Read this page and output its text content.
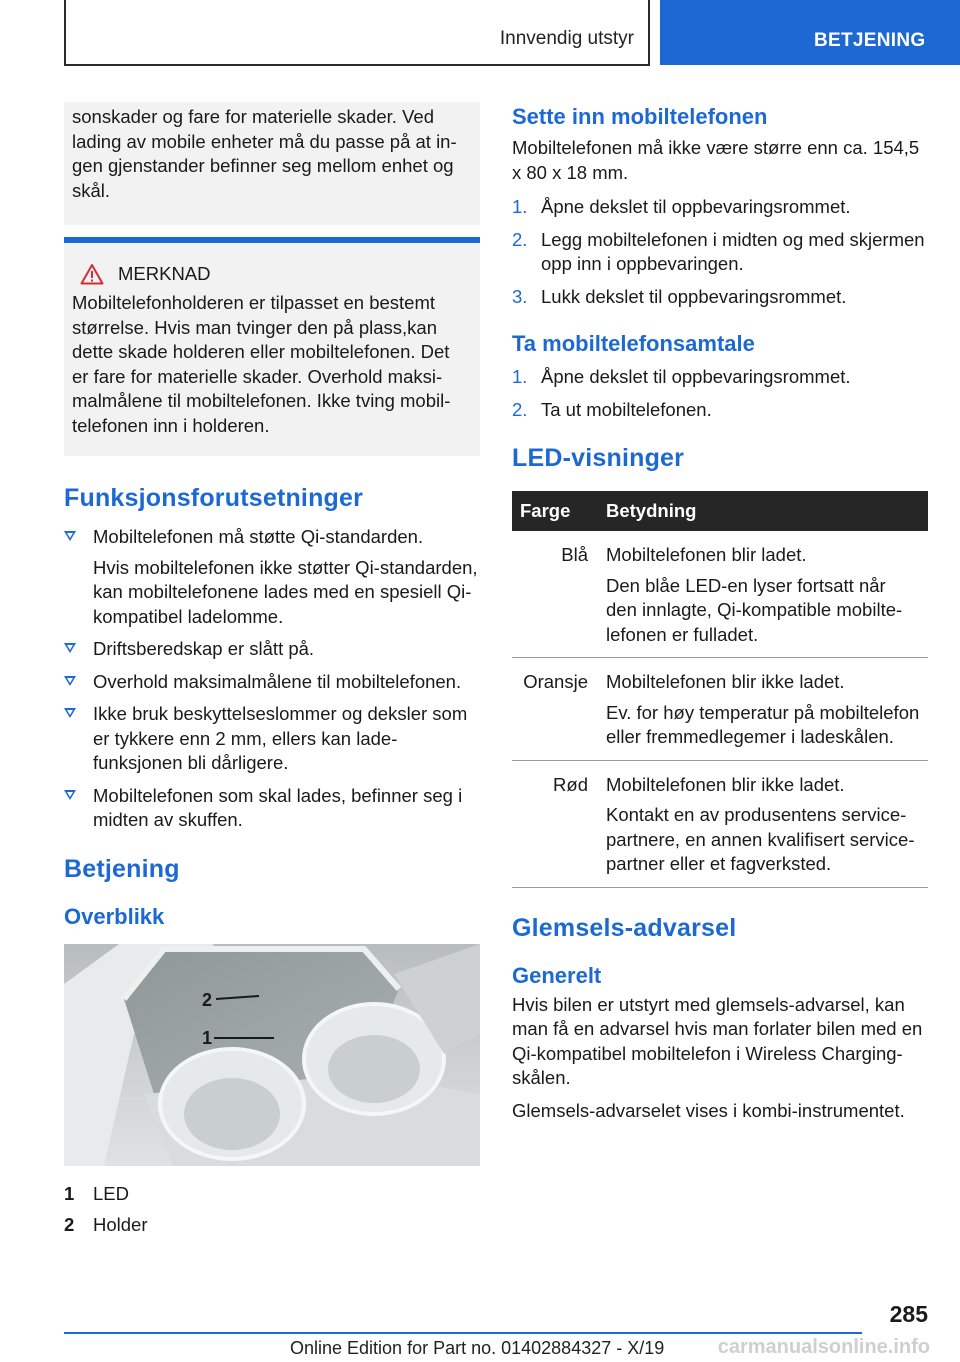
Innvendig utstyr	BETJENING

sonskader og fare for materielle skader. Ved lading av mobile enheter må du passe på at ingen gjenstander befinner seg mellom enhet og skål.

MERKNAD

Mobiltelefonholderen er tilpasset en bestemt størrelse. Hvis man tvinger den på plass,kan dette skade holderen eller mobiltelefonen. Det er fare for materielle skader. Overhold maksimalmålene til mobiltelefonen. Ikke tving mobiltelefonen inn i holderen.

Funksjonsforutsetninger

Mobiltelefonen må støtte Qi-standarden.

Hvis mobiltelefonen ikke støtter Qi-standarden, kan mobiltelefonene lades med en spesiell Qi-kompatibel ladelomme.

Driftsberedskap er slått på.

Overhold maksimalmålene til mobiltelefonen.

Ikke bruk beskyttelseslommer og deksler som er tykkere enn 2 mm, ellers kan ladefunksjonen bli dårligere.

Mobiltelefonen som skal lades, befinner seg i midten av skuffen.

Betjening
Overblikk
2
1
1	LED
2	Holder
Sette inn mobiltelefonen

Mobiltelefonen må ikke være større enn ca. 154,5 x 80 x 18 mm.

1. Åpne dekslet til oppbevaringsrommet.
2. Legg mobiltelefonen i midten og med skjermen opp inn i oppbevaringen.
3. Lukk dekslet til oppbevaringsrommet.
Ta mobiltelefonsamtale
1. Åpne dekslet til oppbevaringsrommet.
2. Ta ut mobiltelefonen.
LED-visninger
Farge	Betydning
Blå	Mobiltelefonen blir ladet.
Den blåe LED-en lyser fortsatt når den innlagte, Qi-kompatible mobiltelefonen er fulladet.

Oransje	Mobiltelefonen blir ikke ladet.
Ev. for høy temperatur på mobiltelefon eller fremmedlegemer i ladeskålen.

Rød	Mobiltelefonen blir ikke ladet.
Kontakt en av produsentens servicepartnere, en annen kvalifisert servicepartner eller et fagverksted.
Glemsels-advarsel
Generelt

Hvis bilen er utstyrt med glemsels-advarsel, kan man få en advarsel hvis man forlater bilen med en Qi-kompatibel mobiltelefon i Wireless Charging-skålen.

Glemsels-advarselet vises i kombi-instrumentet.

285
Online Edition for Part no. 01402884327 - X/19	carmanualsonline.info
